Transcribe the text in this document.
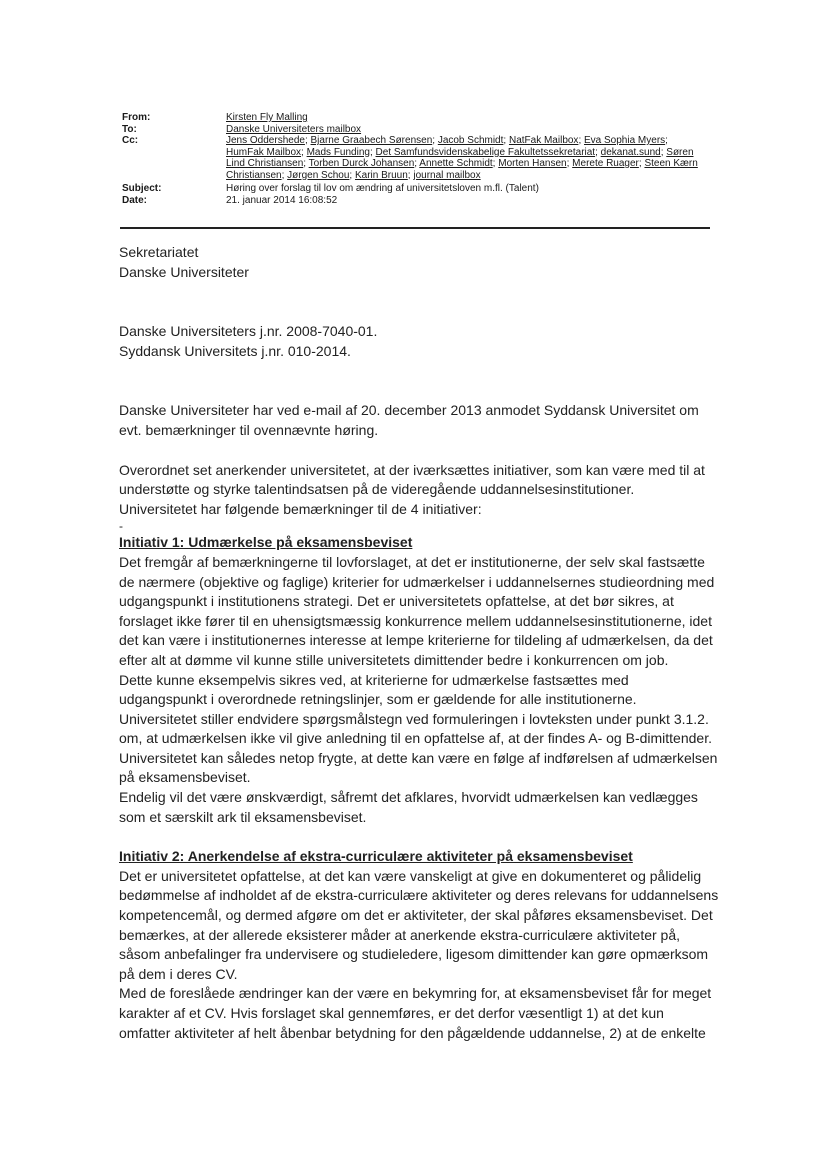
From:	Kirsten Fly Malling
To:	Danske Universiteters mailbox
Cc:	Jens Oddershede; Bjarne Graabech Sørensen; Jacob Schmidt; NatFak Mailbox; Eva Sophia Myers; HumFak Mailbox; Mads Funding; Det Samfundsvidenskabelige Fakultetssekretariat; dekanat.sund; Søren Lind Christiansen; Torben Durck Johansen; Annette Schmidt; Morten Hansen; Merete Ruager; Steen Kærn Christiansen; Jørgen Schou; Karin Bruun; journal mailbox
Subject:	Høring over forslag til lov om ændring af universitetsloven m.fl. (Talent)
Date:	21. januar 2014 16:08:52

Sekretariatet

Danske Universiteter

Danske Universiteters j.nr. 2008-7040-01.

Syddansk Universitets j.nr. 010-2014.

Danske Universiteter har ved e-mail af 20. december 2013 anmodet Syddansk Universitet om evt. bemærkninger til ovennævnte høring.

Overordnet set anerkender universitetet, at der iværksættes initiativer, som kan være med til at understøtte og styrke talentindsatsen på de videregående uddannelsesinstitutioner.

Universitetet har følgende bemærkninger til de 4 initiativer:

-

Initiativ 1: Udmærkelse på eksamensbeviset

Det fremgår af bemærkningerne til lovforslaget, at det er institutionerne, der selv skal fastsætte de nærmere (objektive og faglige) kriterier for udmærkelser i uddannelsernes studieordning med udgangspunkt i institutionens strategi. Det er universitetets opfattelse, at det bør sikres, at forslaget ikke fører til en uhensigtsmæssig konkurrence mellem uddannelsesinstitutionerne, idet det kan være i institutionernes interesse at lempe kriterierne for tildeling af udmærkelsen, da det efter alt at dømme vil kunne stille universitetets dimittender bedre i konkurrencen om job.

Dette kunne eksempelvis sikres ved, at kriterierne for udmærkelse fastsættes med udgangspunkt i overordnede retningslinjer, som er gældende for alle institutionerne.

Universitetet stiller endvidere spørgsmålstegn ved formuleringen i lovteksten under punkt 3.1.2. om, at udmærkelsen ikke vil give anledning til en opfattelse af, at der findes A- og B-dimittender. Universitetet kan således netop frygte, at dette kan være en følge af indførelsen af udmærkelsen på eksamensbeviset.

Endelig vil det være ønskværdigt, såfremt det afklares, hvorvidt udmærkelsen kan vedlægges som et særskilt ark til eksamensbeviset.

Initiativ 2: Anerkendelse af ekstra-curriculære aktiviteter på eksamensbeviset

Det er universitetet opfattelse, at det kan være vanskeligt at give en dokumenteret og pålidelig bedømmelse af indholdet af de ekstra-curriculære aktiviteter og deres relevans for uddannelsens kompetencemål, og dermed afgøre om det er aktiviteter, der skal påføres eksamensbeviset. Det bemærkes, at der allerede eksisterer måder at anerkende ekstra-curriculære aktiviteter på, såsom anbefalinger fra undervisere og studieledere, ligesom dimittender kan gøre opmærksom på dem i deres CV.

Med de foreslåede ændringer kan der være en bekymring for, at eksamensbeviset får for meget karakter af et CV. Hvis forslaget skal gennemføres, er det derfor væsentligt 1) at det kun omfatter aktiviteter af helt åbenbar betydning for den pågældende uddannelse, 2) at de enkelte
